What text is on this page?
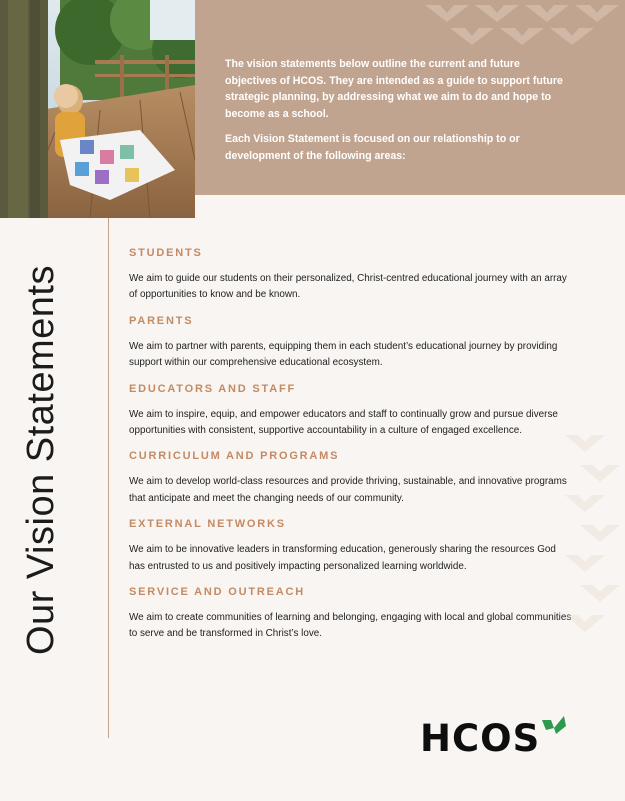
The vision statements below outline the current and future objectives of HCOS. They are intended as a guide to support future strategic planning, by addressing what we aim to do and hope to become as a school.

Each Vision Statement is focused on our relationship to or development of the following areas:

Our Vision Statements
STUDENTS
We aim to guide our students on their personalized, Christ-centred educational journey with an array of opportunities to know and be known.
PARENTS
We aim to partner with parents, equipping them in each student’s educational journey by providing support within our comprehensive educational ecosystem.
EDUCATORS AND STAFF
We aim to inspire, equip, and empower educators and staff to continually grow and pursue diverse opportunities with consistent, supportive accountability in a culture of engaged excellence.
CURRICULUM AND PROGRAMS
We aim to develop world-class resources and provide thriving, sustainable, and innovative programs that anticipate and meet the changing needs of our community.
EXTERNAL NETWORKS
We aim to be innovative leaders in transforming education, generously sharing the resources God has entrusted to us and positively impacting personalized learning worldwide.
SERVICE AND OUTREACH
We aim to create communities of learning and belonging, engaging with local and global communities to serve and be transformed in Christ’s love.
HCOS
